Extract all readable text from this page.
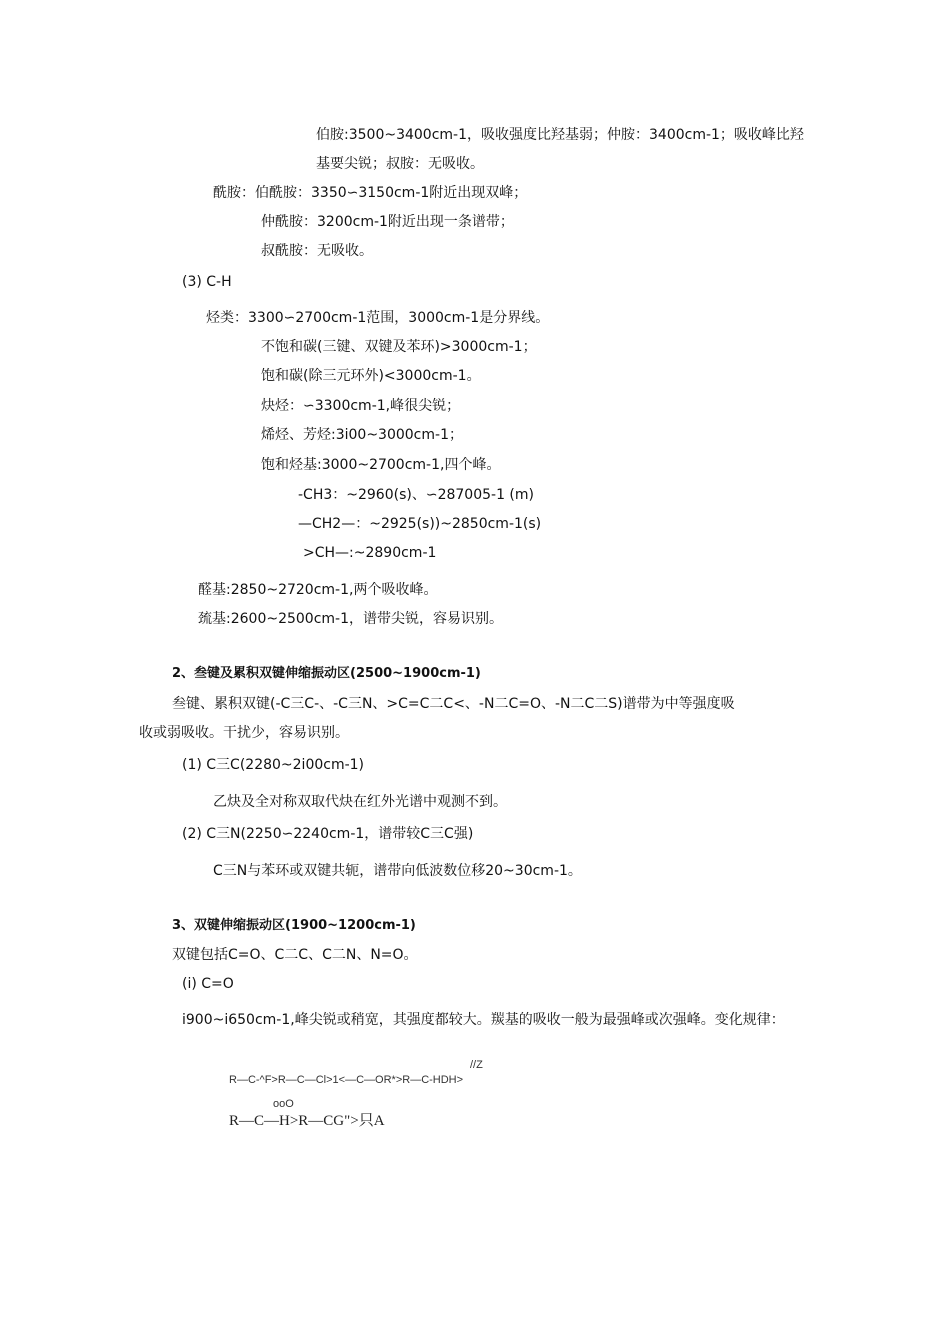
伯胺:3500~3400cm-1，吸收强度比羟基弱；仲胺：3400cm-1；吸收峰比羟
基要尖锐；叔胺：无吸收。
酰胺：伯酰胺：3350∽3150cm-1附近出现双峰；
仲酰胺：3200cm-1附近出现一条谱带；
叔酰胺：无吸收。
(3) C-H
烃类：3300∽2700cm-1范围，3000cm-1是分界线。
不饱和碳(三键、双键及苯环)>3000cm-1；
饱和碳(除三元环外)<3000cm-1。
炔烃：∽3300cm-1,峰很尖锐；
烯烃、芳烃:3i00~3000cm-1；
饱和烃基:3000~2700cm-1,四个峰。
-CH3：~2960(s)、∽287005-1 (m)
—CH2—：~2925(s))~2850cm-1(s)
>CH—:~2890cm-1
醛基:2850~2720cm-1,两个吸收峰。
巯基:2600~2500cm-1，谱带尖锐，容易识别。
2、叁键及累积双键伸缩振动区(2500~1900cm-1)
叁键、累积双键(-C三C-、-C三N、>C=C二C<、-N二C=O、-N二C二S)谱带为中等强度吸
收或弱吸收。干扰少，容易识别。
(1) C三C(2280~2i00cm-1)
乙炔及全对称双取代炔在红外光谱中观测不到。
(2) C三N(2250∽2240cm-1，谱带较C三C强)
C三N与苯环或双键共轭，谱带向低波数位移20~30cm-1。
3、双键伸缩振动区(1900~1200cm-1)
双键包括C=O、C二C、C二N、N=O。
(i) C=O
i900~i650cm-1,峰尖锐或稍宽，其强度都较大。羰基的吸收一般为最强峰或次强峰。变化规律：
//Z
R—C-^F>R—C—Cl>1<—C—OR*>R—C-HDH>
ooO
R—C—H>R—CG">只A
